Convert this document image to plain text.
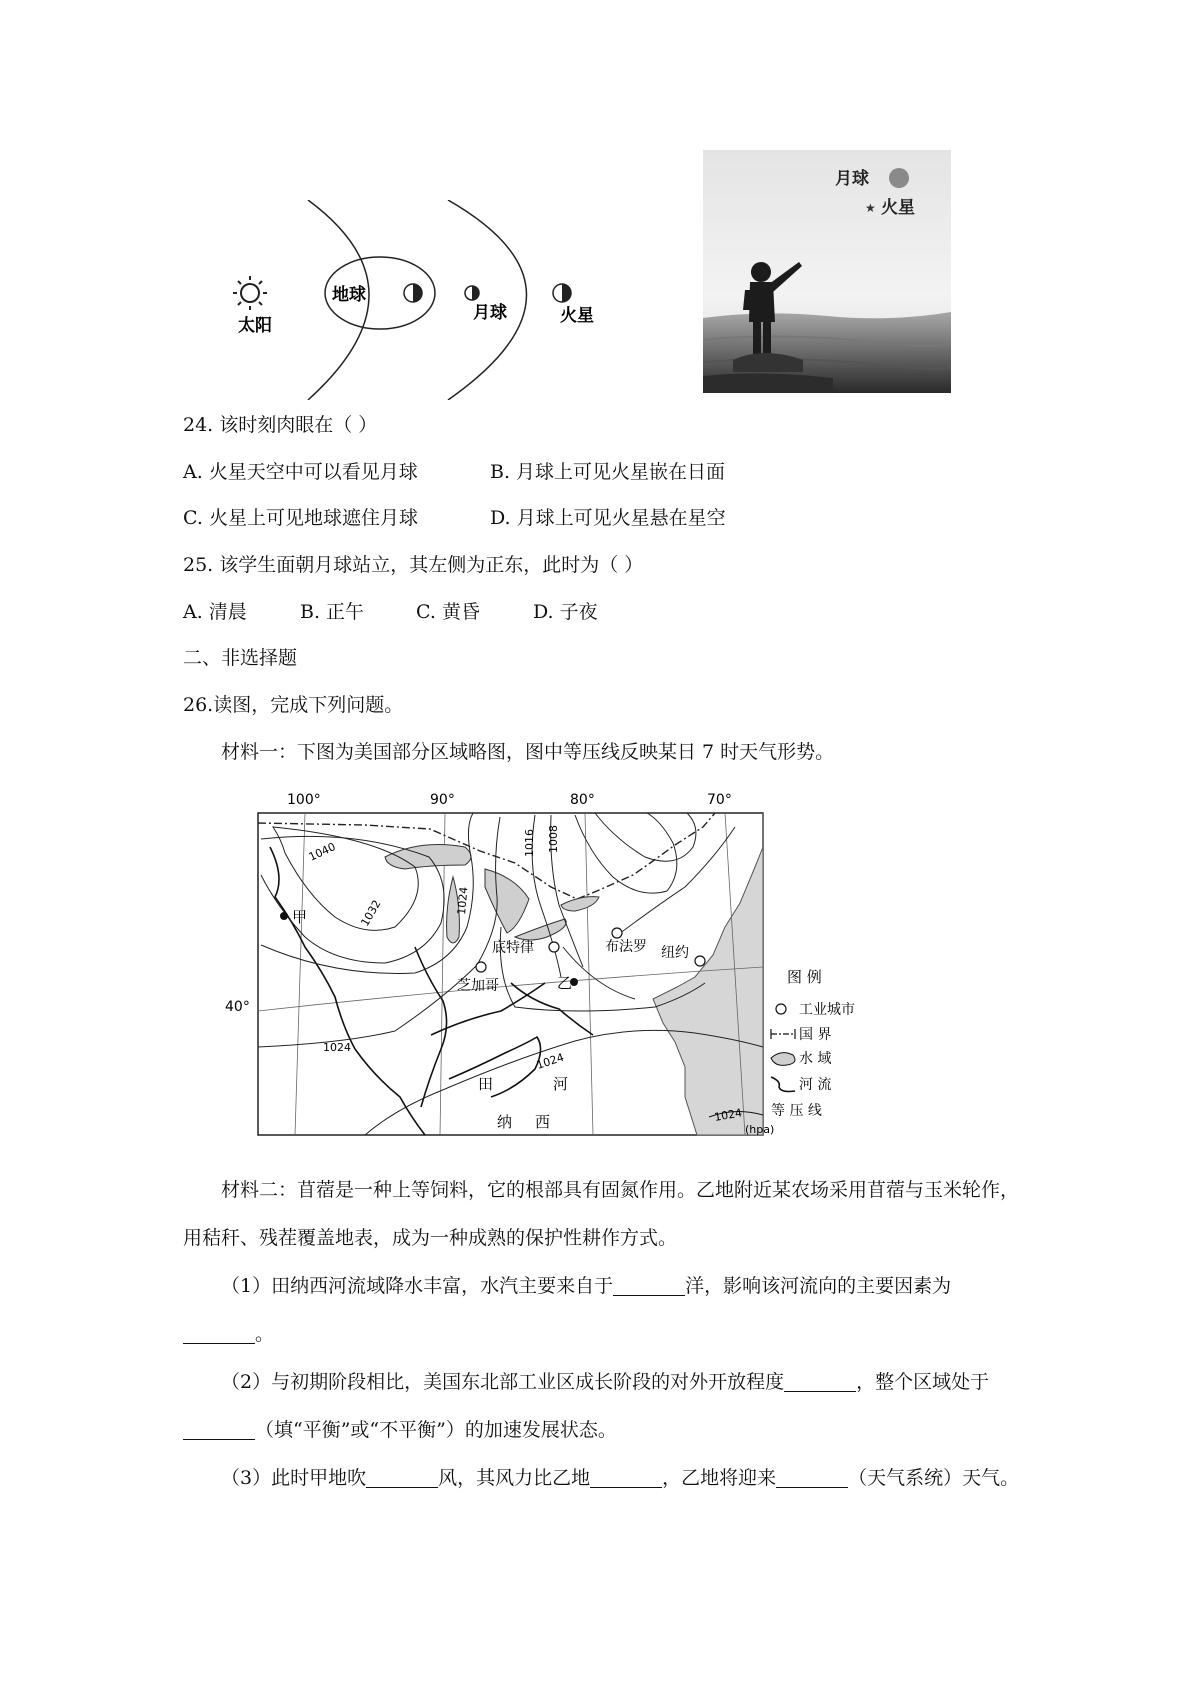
太阳
地球
月球	火星
月球
★ 火星
24. 该时刻肉眼在（ ）
A. 火星天空中可以看见月球	B. 月球上可见火星嵌在日面
C. 火星上可见地球遮住月球	D. 月球上可见火星悬在星空
25. 该学生面朝月球站立，其左侧为正东，此时为（ ）
A. 清晨	B. 正午	C. 黄昏	D. 子夜
二、非选择题
26.读图，完成下列问题。
材料一：下图为美国部分区域略图，图中等压线反映某日 7 时天气形势。
100°	90°	80°	70°
40°
1040
1032	1024
1016 1008
1024
1024
甲
乙
底特律	布法罗 纽约
芝加哥
田
纳 西
河
图 例
工业城市
国 界
水 域
河 流
1024 等 压 线
(hpa)
材料二：苜蓿是一种上等饲料，它的根部具有固氮作用。乙地附近某农场采用苜蓿与玉米轮作，用秸秆、残茬覆盖地表，成为一种成熟的保护性耕作方式。
（1）田纳西河流域降水丰富，水汽主要来自于	洋，影响该河流向的主要因素为。
（2）与初期阶段相比，美国东北部工业区成长阶段的对外开放程度	，整个区域处于（填“平衡”或“不平衡”）的加速发展状态。
（3）此时甲地吹	风，其风力比乙地	，乙地将迎来	（天气系统）天气。
